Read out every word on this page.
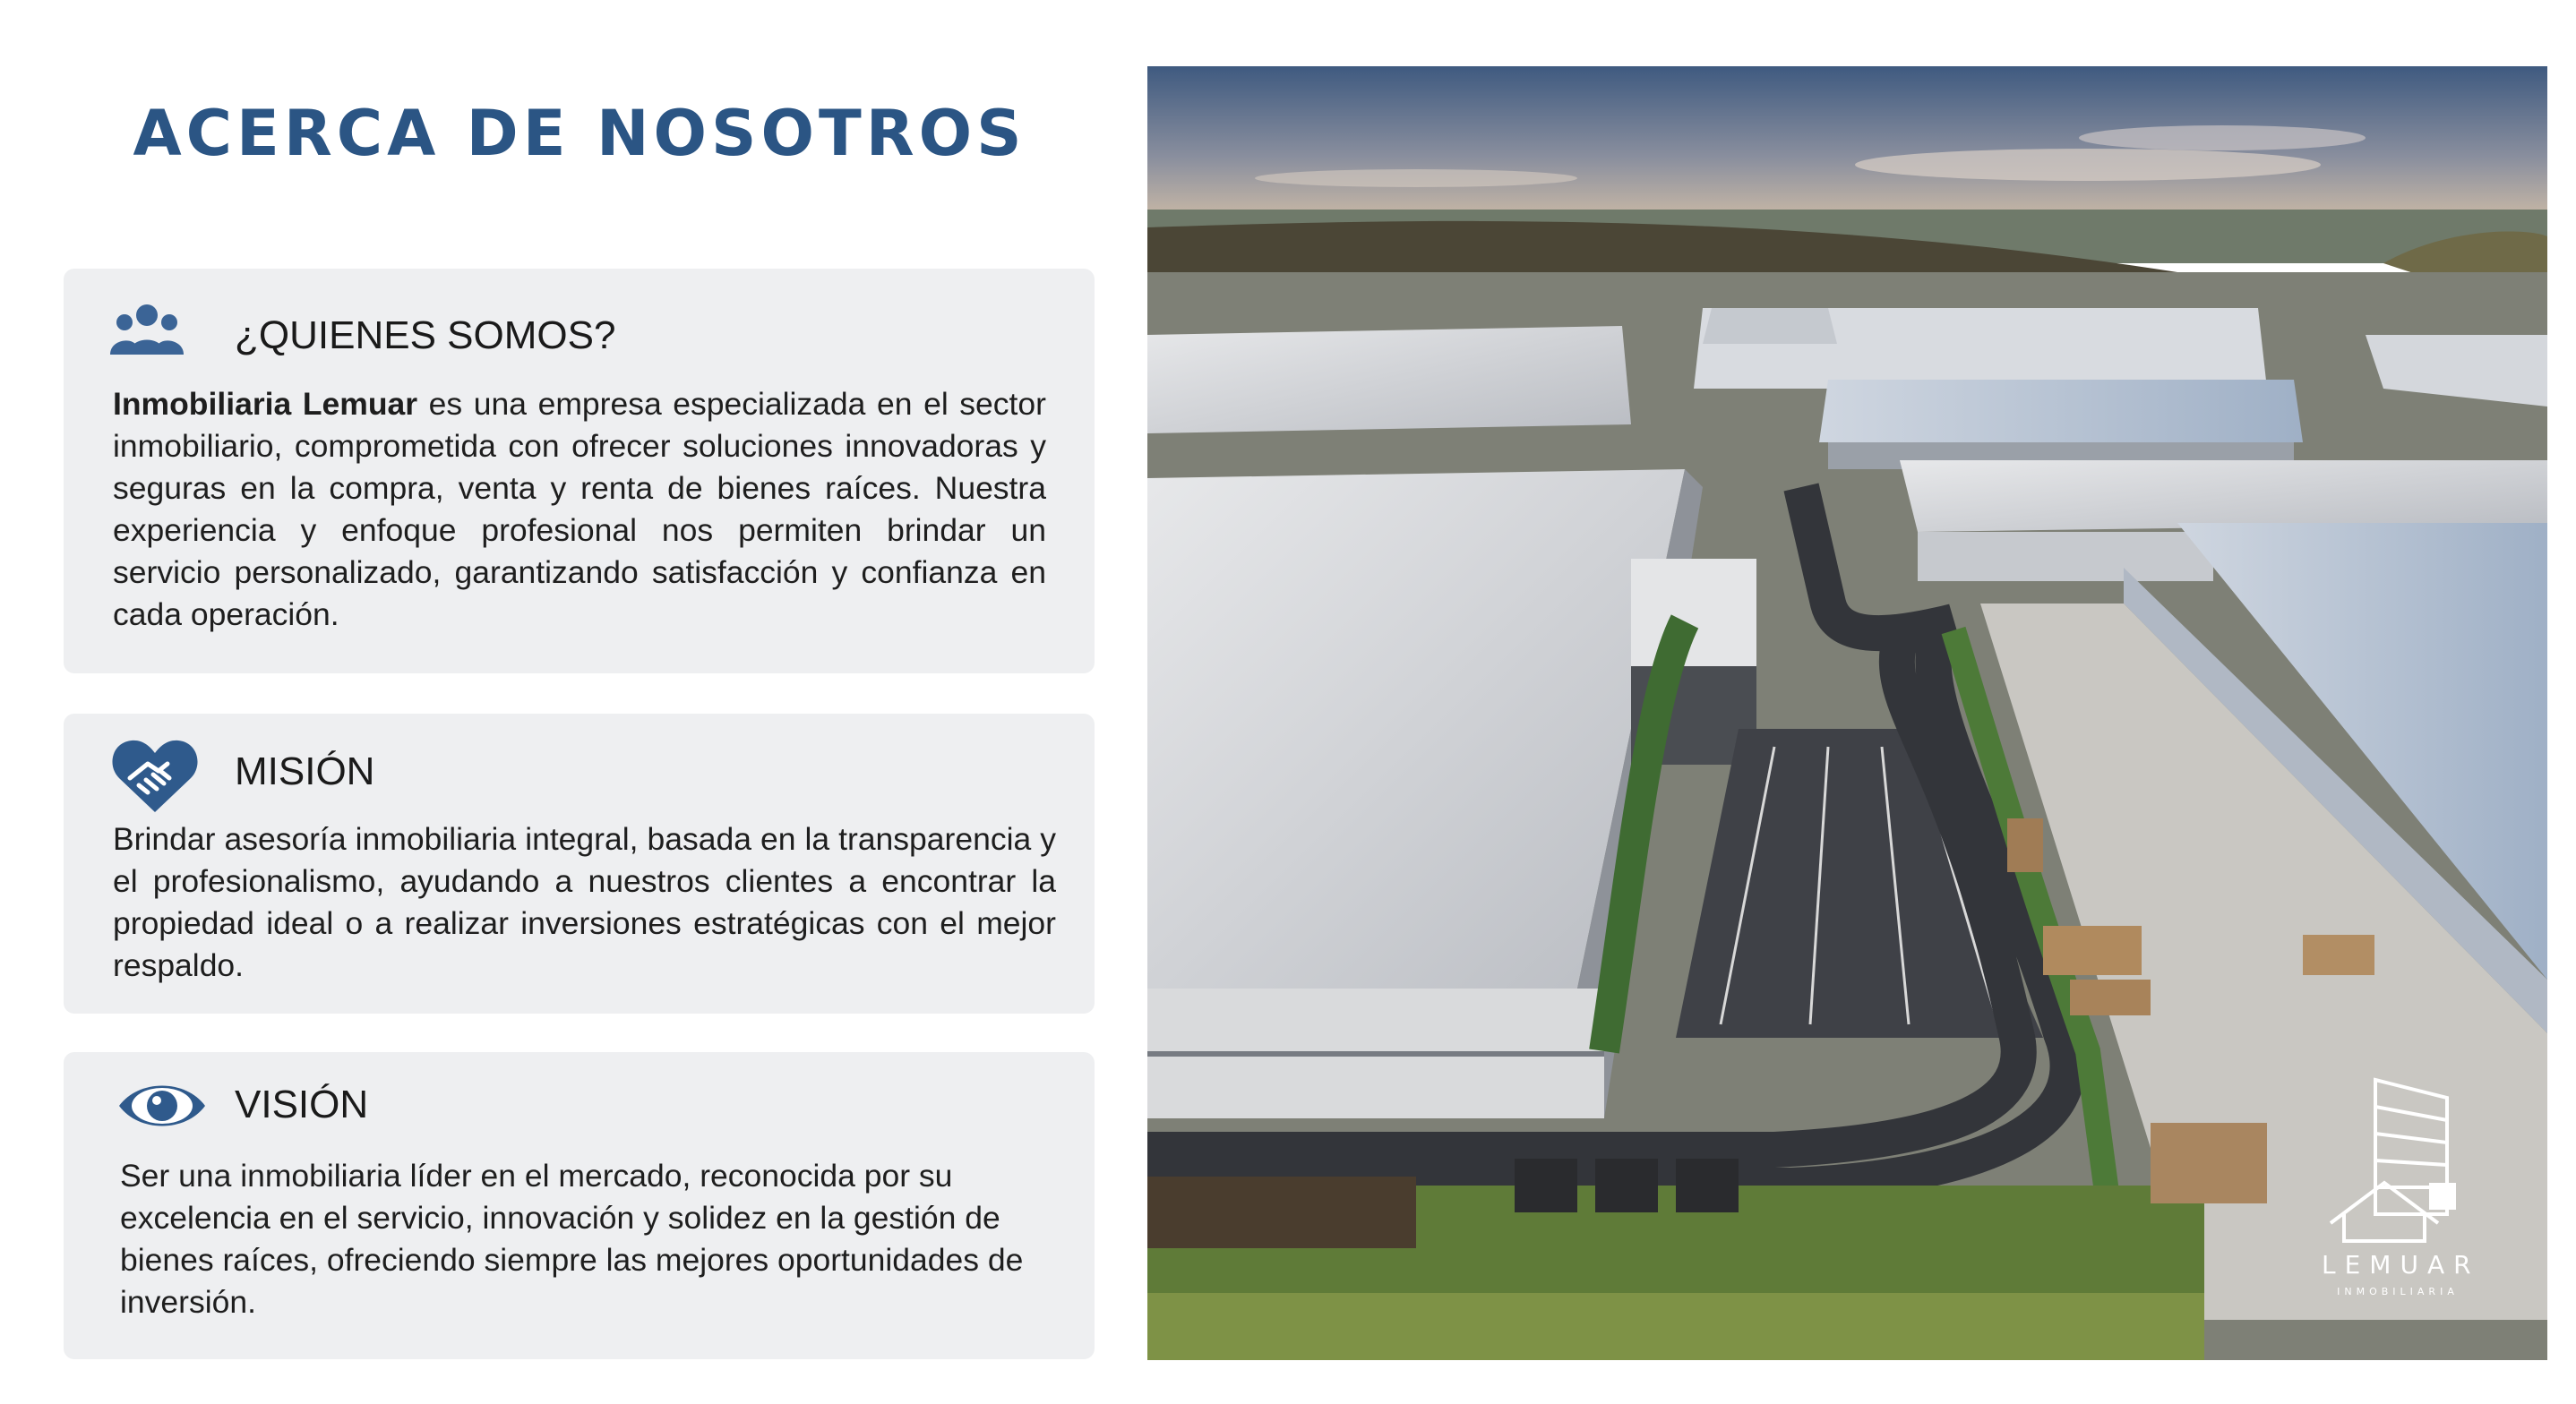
ACERCA DE NOSOTROS
¿QUIENES SOMOS?

Inmobiliaria Lemuar es una empresa especializada en el sector inmobiliario, comprometida con ofrecer soluciones innovadoras y seguras en la compra, venta y renta de bienes raíces. Nuestra experiencia y enfoque profesional nos permiten brindar un servicio personalizado, garantizando satisfacción y confianza en cada operación.

MISIÓN

Brindar asesoría inmobiliaria integral, basada en la transparencia y el profesionalismo, ayudando a nuestros clientes a encontrar la propiedad ideal o a realizar inversiones estratégicas con el mejor respaldo.

VISIÓN

Ser una inmobiliaria líder en el mercado, reconocida por su excelencia en el servicio, innovación y solidez en la gestión de bienes raíces, ofreciendo siempre las mejores oportunidades de inversión.

LEMUAR
INMOBILIARIA
